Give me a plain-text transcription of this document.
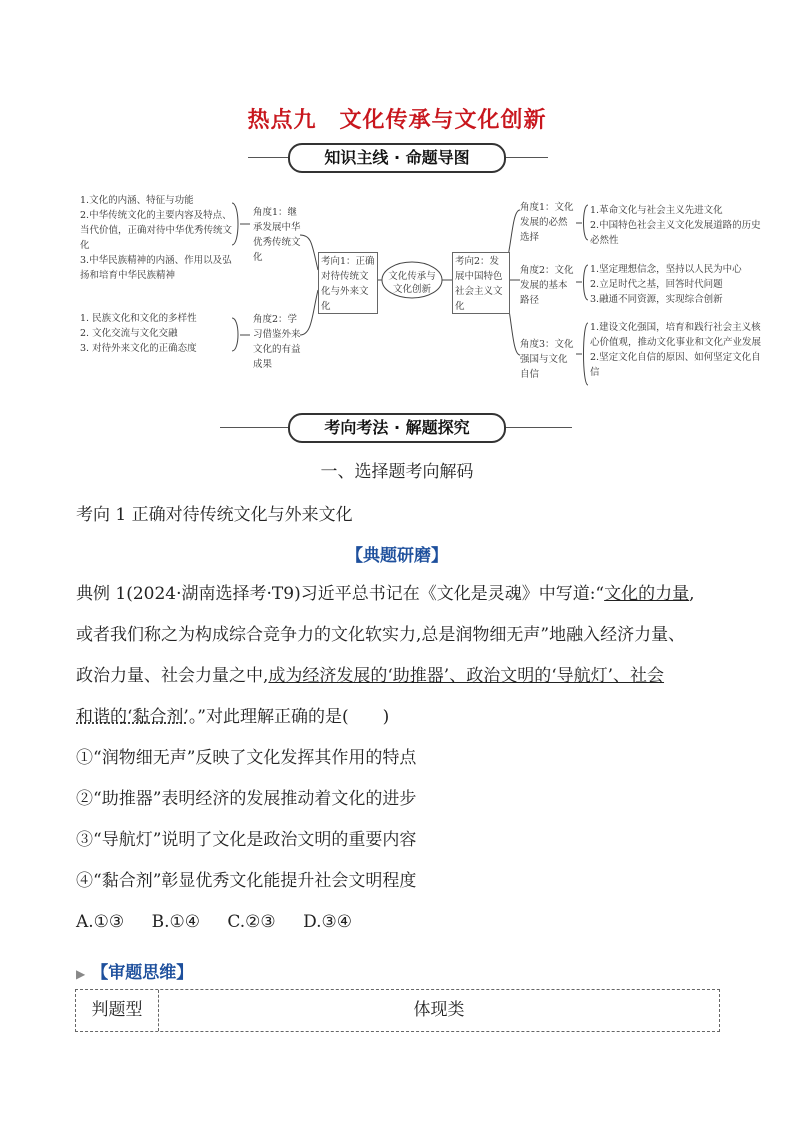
热点九　文化传承与文化创新
知识主线 · 命题导图
1.文化的内涵、特征与功能
2.中华传统文化的主要内容及特点、当代价值，正确对待中华优秀传统文化
3.中华民族精神的内涵、作用以及弘扬和培育中华民族精神
1. 民族文化和文化的多样性
2. 文化交流与文化交融
3. 对待外来文化的正确态度
角度1：继承发展中华优秀传统文化
角度2：学习借鉴外来文化的有益成果
考向1：正确对待传统文化与外来文化
文化传承与文化创新
考向2：发展中国特色社会主义文化
角度1：文化发展的必然选择
角度2：文化发展的基本路径
角度3：文化强国与文化自信
1.革命文化与社会主义先进文化
2.中国特色社会主义文化发展道路的历史必然性
1.坚定理想信念，坚持以人民为中心
2.立足时代之基，回答时代问题
3.融通不同资源，实现综合创新
1.建设文化强国，培育和践行社会主义核心价值观，推动文化事业和文化产业发展
2.坚定文化自信的原因、如何坚定文化自信
考向考法 · 解题探究
一、选择题考向解码
考向 1 正确对待传统文化与外来文化
【典题研磨】
典例 1(2024·湖南选择考·T9)习近平总书记在《文化是灵魂》中写道:“文化的力量,
或者我们称之为构成综合竞争力的文化软实力,总是润物细无声”地融入经济力量、
政治力量、社会力量之中,成为经济发展的‘助推器’、政治文明的‘导航灯’、社会
和谐的‘黏合剂’。”对此理解正确的是(　　)
①“润物细无声”反映了文化发挥其作用的特点
②“助推器”表明经济的发展推动着文化的进步
③“导航灯”说明了文化是政治文明的重要内容
④“黏合剂”彰显优秀文化能提升社会文明程度
A.①③ B.①④ C.②③ D.③④
▶ 【审题思维】
判题型	体现类
